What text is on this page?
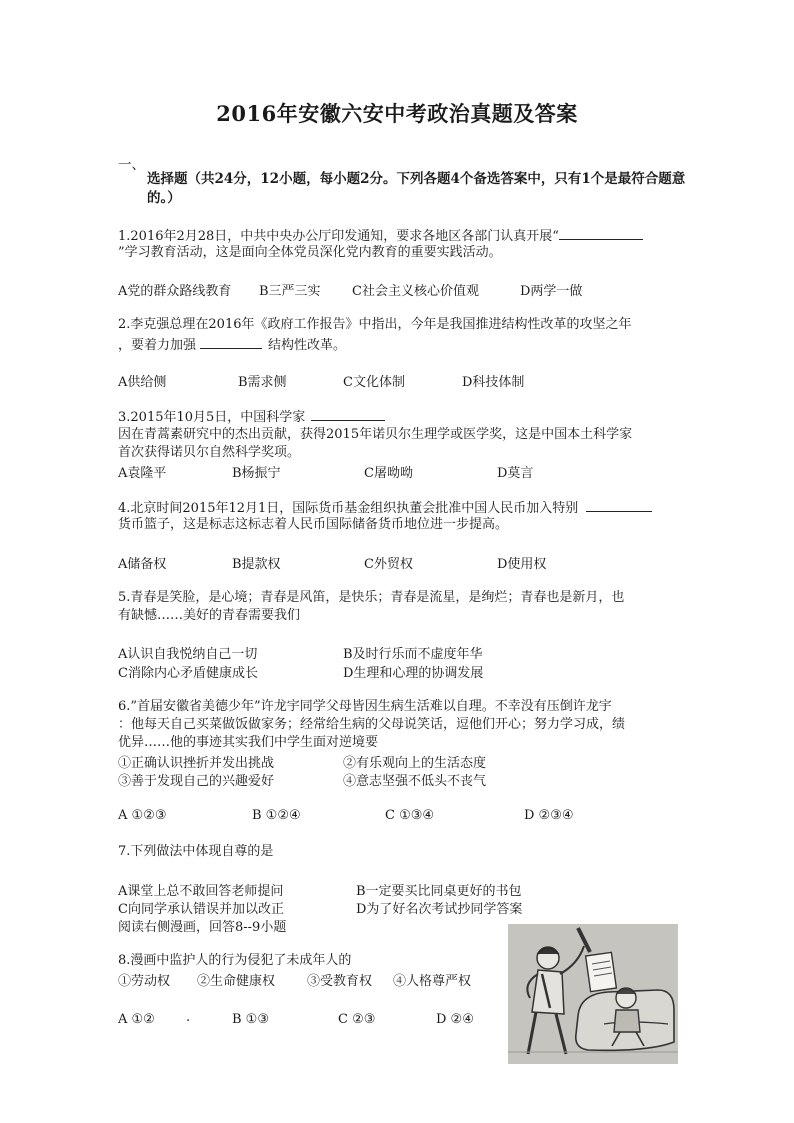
2016年安徽六安中考政治真题及答案
一、
选择题（共24分，12小题，每小题2分。下列各题4个备选答案中，只有1个是最符合题意的。）
1.2016年2月28日，中共中央办公厅印发通知，要求各地区各部门认真开展“
”学习教育活动，这是面向全体党员深化党内教育的重要实践活动。
A党的群众路线教育 B三严三实 C社会主义核心价值观	D两学一做
2.李克强总理在2016年《政府工作报告》中指出，今年是我国推进结构性改革的攻坚之年
，要着力加强	结构性改革。
A供给侧	B需求侧	C文化体制	D科技体制
3.2015年10月5日，中国科学家
因在青蒿素研究中的杰出贡献，获得2015年诺贝尔生理学或医学奖，这是中国本土科学家
首次获得诺贝尔自然科学奖项。
A袁隆平	B杨振宁	C屠呦呦	D莫言
4.北京时间2015年12月1日，国际货币基金组织执董会批准中国人民币加入特别
货币篮子，这是标志这标志着人民币国际储备货币地位进一步提高。
A储备权	B提款权	C外贸权	D使用权
5.青春是笑脸，是心境；青春是风笛，是快乐；青春是流星，是绚烂；青春也是新月，也
有缺憾……美好的青春需要我们
A认识自我悦纳自己一切	B及时行乐而不虚度年华
C消除内心矛盾健康成长	D生理和心理的协调发展
6.”首届安徽省美德少年”许龙宇同学父母皆因生病生活难以自理。不幸没有压倒许龙宇
：他每天自己买菜做饭做家务；经常给生病的父母说笑话，逗他们开心；努力学习成，绩
优异……他的事迹其实我们中学生面对逆境要
①正确认识挫折并发出挑战	②有乐观向上的生活态度
③善于发现自己的兴趣爱好	④意志坚强不低头不丧气
A ①②③	B ①②④	C ①③④	D ②③④
7.下列做法中体现自尊的是
A课堂上总不敢回答老师提问	B一定要买比同桌更好的书包
C向同学承认错误并加以改正	D为了好名次考试抄同学答案
阅读右侧漫画，回答8--9小题
8.漫画中监护人的行为侵犯了未成年人的
①劳动权 ②生命健康权 ③受教育权 ④人格尊严权
A ①② .	B ①③	C ②③	D ②④
